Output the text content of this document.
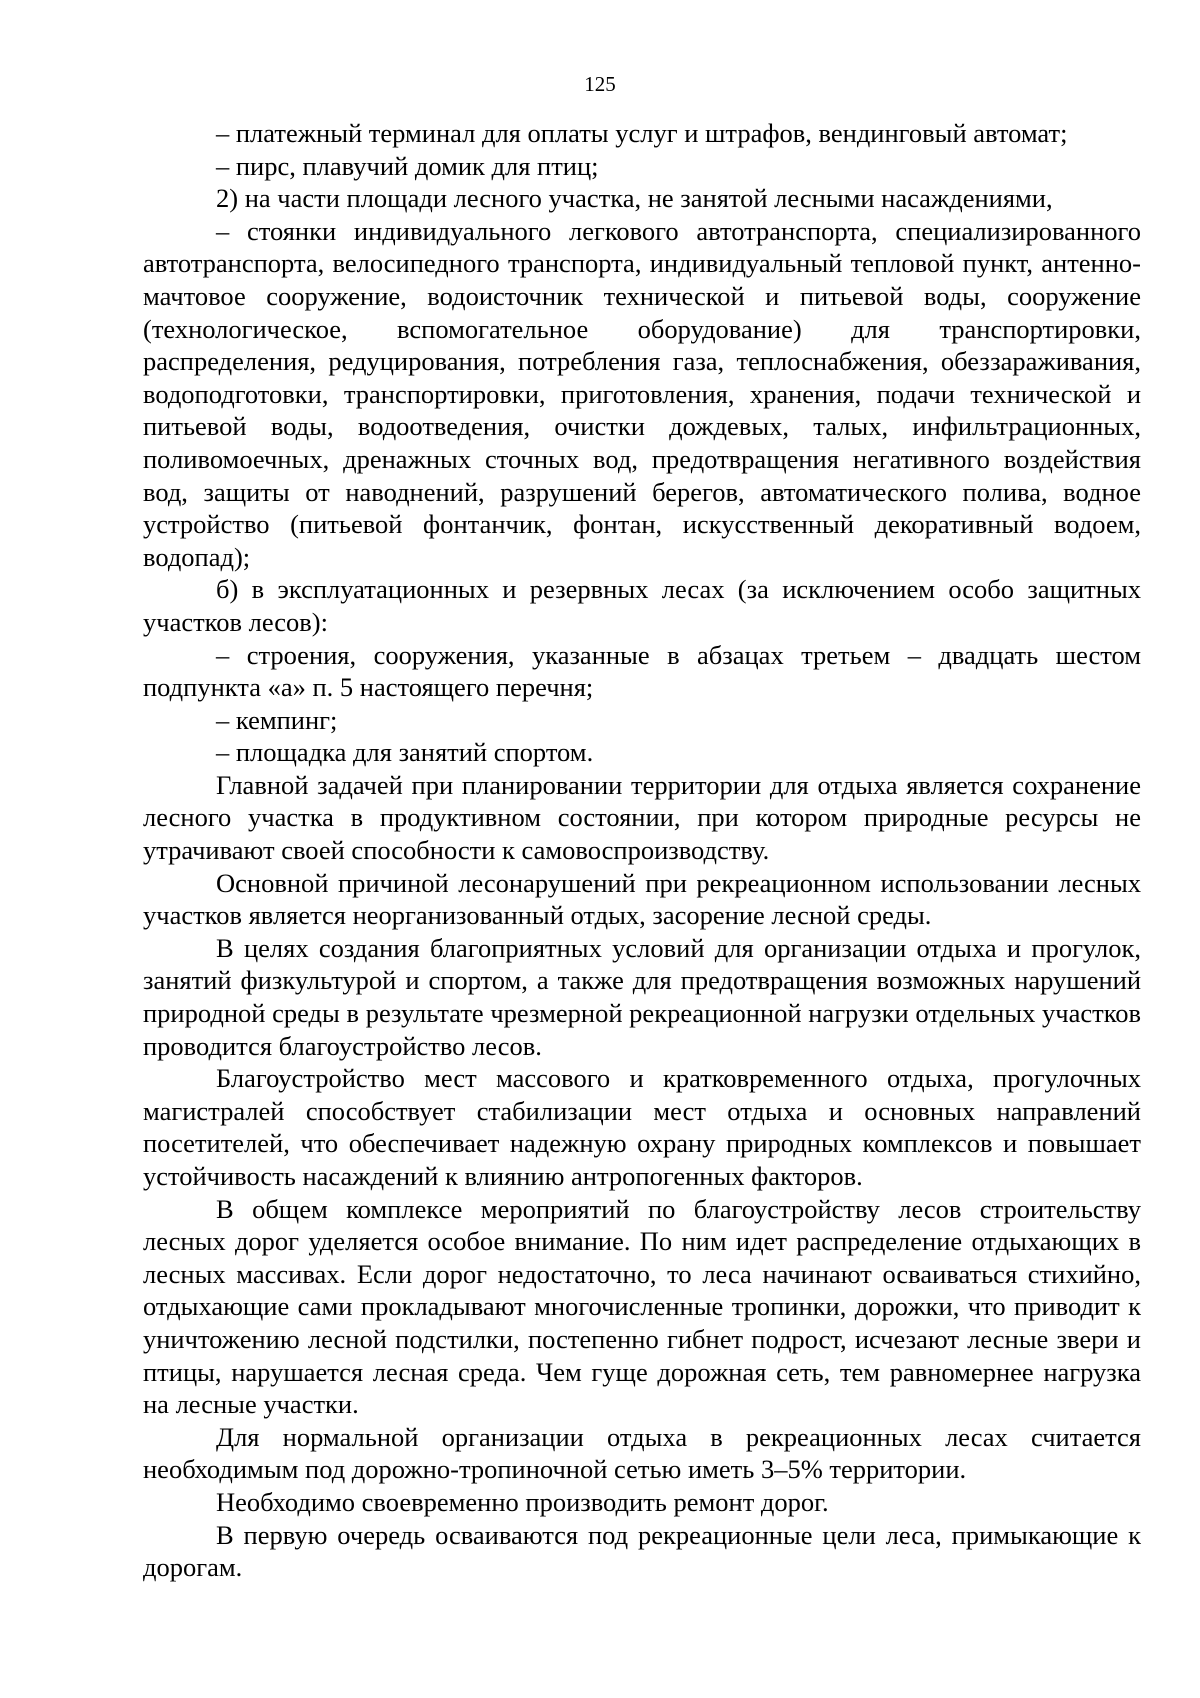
125

– платежный терминал для оплаты услуг и штрафов, вендинговый автомат;

– пирс, плавучий домик для птиц;

2) на части площади лесного участка, не занятой лесными насаждениями,

– стоянки индивидуального легкового автотранспорта, специализированного автотранспорта, велосипедного транспорта, индивидуальный тепловой пункт, антенно-мачтовое сооружение, водоисточник технической и питьевой воды, сооружение (технологическое, вспомогательное оборудование) для транспортировки, распределения, редуцирования, потребления газа, теплоснабжения, обеззараживания, водоподготовки, транспортировки, приготовления, хранения, подачи технической и питьевой воды, водоотведения, очистки дождевых, талых, инфильтрационных, поливомоечных, дренажных сточных вод, предотвращения негативного воздействия вод, защиты от наводнений, разрушений берегов, автоматического полива, водное устройство (питьевой фонтанчик, фонтан, искусственный декоративный водоем, водопад);

б) в эксплуатационных и резервных лесах (за исключением особо защитных участков лесов):

– строения, сооружения, указанные в абзацах третьем – двадцать шестом подпункта «а» п. 5 настоящего перечня;

– кемпинг;

– площадка для занятий спортом.

Главной задачей при планировании территории для отдыха является сохранение лесного участка в продуктивном состоянии, при котором природные ресурсы не утрачивают своей способности к самовоспроизводству.

Основной причиной лесонарушений при рекреационном использовании лесных участков является неорганизованный отдых, засорение лесной среды.

В целях создания благоприятных условий для организации отдыха и прогулок, занятий физкультурой и спортом, а также для предотвращения возможных нарушений природной среды в результате чрезмерной рекреационной нагрузки отдельных участков проводится благоустройство лесов.

Благоустройство мест массового и кратковременного отдыха, прогулочных магистралей способствует стабилизации мест отдыха и основных направлений посетителей, что обеспечивает надежную охрану природных комплексов и повышает устойчивость насаждений к влиянию антропогенных факторов.

В общем комплексе мероприятий по благоустройству лесов строительству лесных дорог уделяется особое внимание. По ним идет распределение отдыхающих в лесных массивах. Если дорог недостаточно, то леса начинают осваиваться стихийно, отдыхающие сами прокладывают многочисленные тропинки, дорожки, что приводит к уничтожению лесной подстилки, постепенно гибнет подрост, исчезают лесные звери и птицы, нарушается лесная среда. Чем гуще дорожная сеть, тем равномернее нагрузка на лесные участки.

Для нормальной организации отдыха в рекреационных лесах считается необходимым под дорожно-тропиночной сетью иметь 3–5% территории.

Необходимо своевременно производить ремонт дорог.

В первую очередь осваиваются под рекреационные цели леса, примыкающие к дорогам.
